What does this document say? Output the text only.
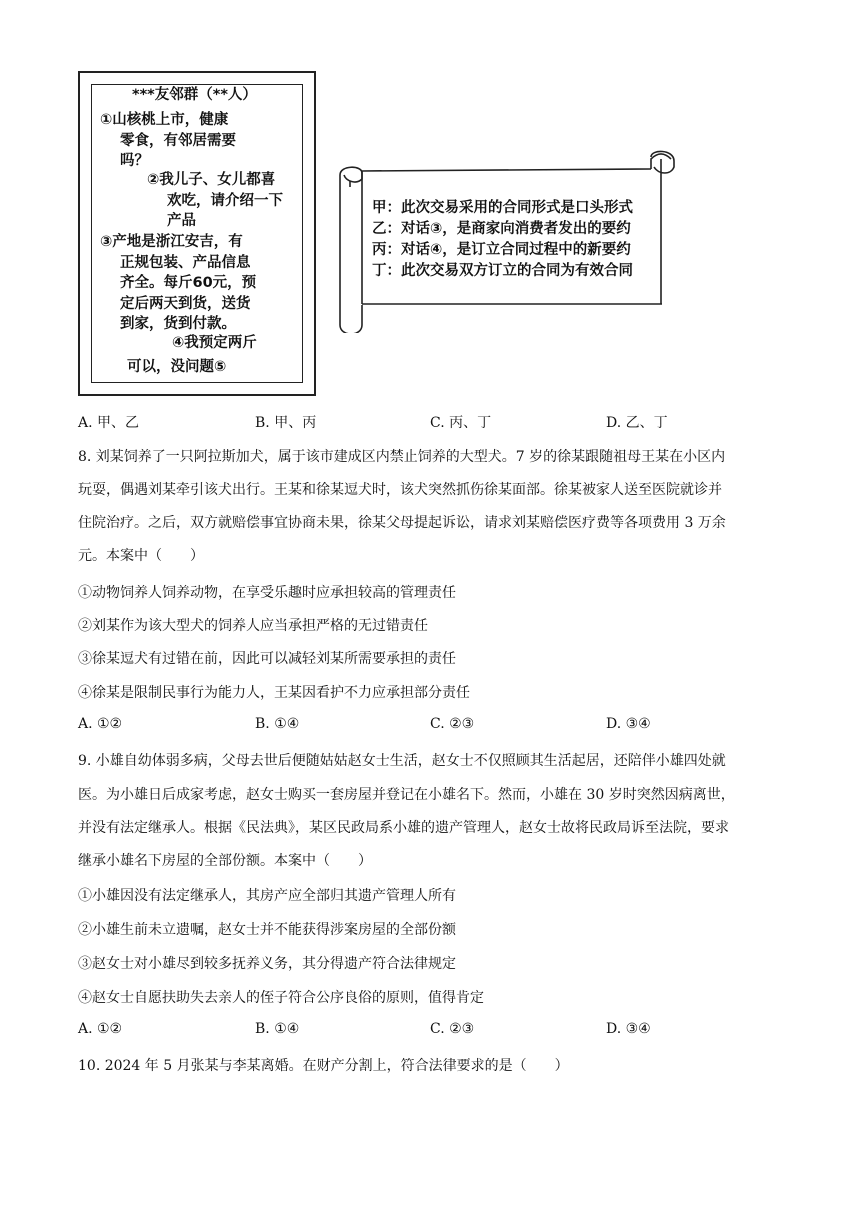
***友邻群（**人）
①山核桃上市，健康
零食，有邻居需要
吗？
②我儿子、女儿都喜
欢吃，请介绍一下
产品
③产地是浙江安吉，有
正规包装、产品信息
齐全。每斤60元，预
定后两天到货，送货
到家，货到付款。
④我预定两斤
可以，没问题⑤
甲：此次交易采用的合同形式是口头形式
乙：对话③，是商家向消费者发出的要约
丙：对话④，是订立合同过程中的新要约
丁：此次交易双方订立的合同为有效合同
A. 甲、乙	B. 甲、丙	C. 丙、丁	D. 乙、丁
8. 刘某饲养了一只阿拉斯加犬，属于该市建成区内禁止饲养的大型犬。7 岁的徐某跟随祖母王某在小区内
玩耍，偶遇刘某牵引该犬出行。王某和徐某逗犬时，该犬突然抓伤徐某面部。徐某被家人送至医院就诊并
住院治疗。之后，双方就赔偿事宜协商未果，徐某父母提起诉讼，请求刘某赔偿医疗费等各项费用 3 万余
元。本案中（　　）
①动物饲养人饲养动物，在享受乐趣时应承担较高的管理责任
②刘某作为该大型犬的饲养人应当承担严格的无过错责任
③徐某逗犬有过错在前，因此可以减轻刘某所需要承担的责任
④徐某是限制民事行为能力人，王某因看护不力应承担部分责任
A. ①②	B. ①④	C. ②③	D. ③④
9. 小雄自幼体弱多病，父母去世后便随姑姑赵女士生活，赵女士不仅照顾其生活起居，还陪伴小雄四处就
医。为小雄日后成家考虑，赵女士购买一套房屋并登记在小雄名下。然而，小雄在 30 岁时突然因病离世，
并没有法定继承人。根据《民法典》，某区民政局系小雄的遗产管理人，赵女士故将民政局诉至法院，要求
继承小雄名下房屋的全部份额。本案中（　　）
①小雄因没有法定继承人，其房产应全部归其遗产管理人所有
②小雄生前未立遗嘱，赵女士并不能获得涉案房屋的全部份额
③赵女士对小雄尽到较多抚养义务，其分得遗产符合法律规定
④赵女士自愿扶助失去亲人的侄子符合公序良俗的原则，值得肯定
A. ①②	B. ①④	C. ②③	D. ③④
10. 2024 年 5 月张某与李某离婚。在财产分割上，符合法律要求的是（　　）
